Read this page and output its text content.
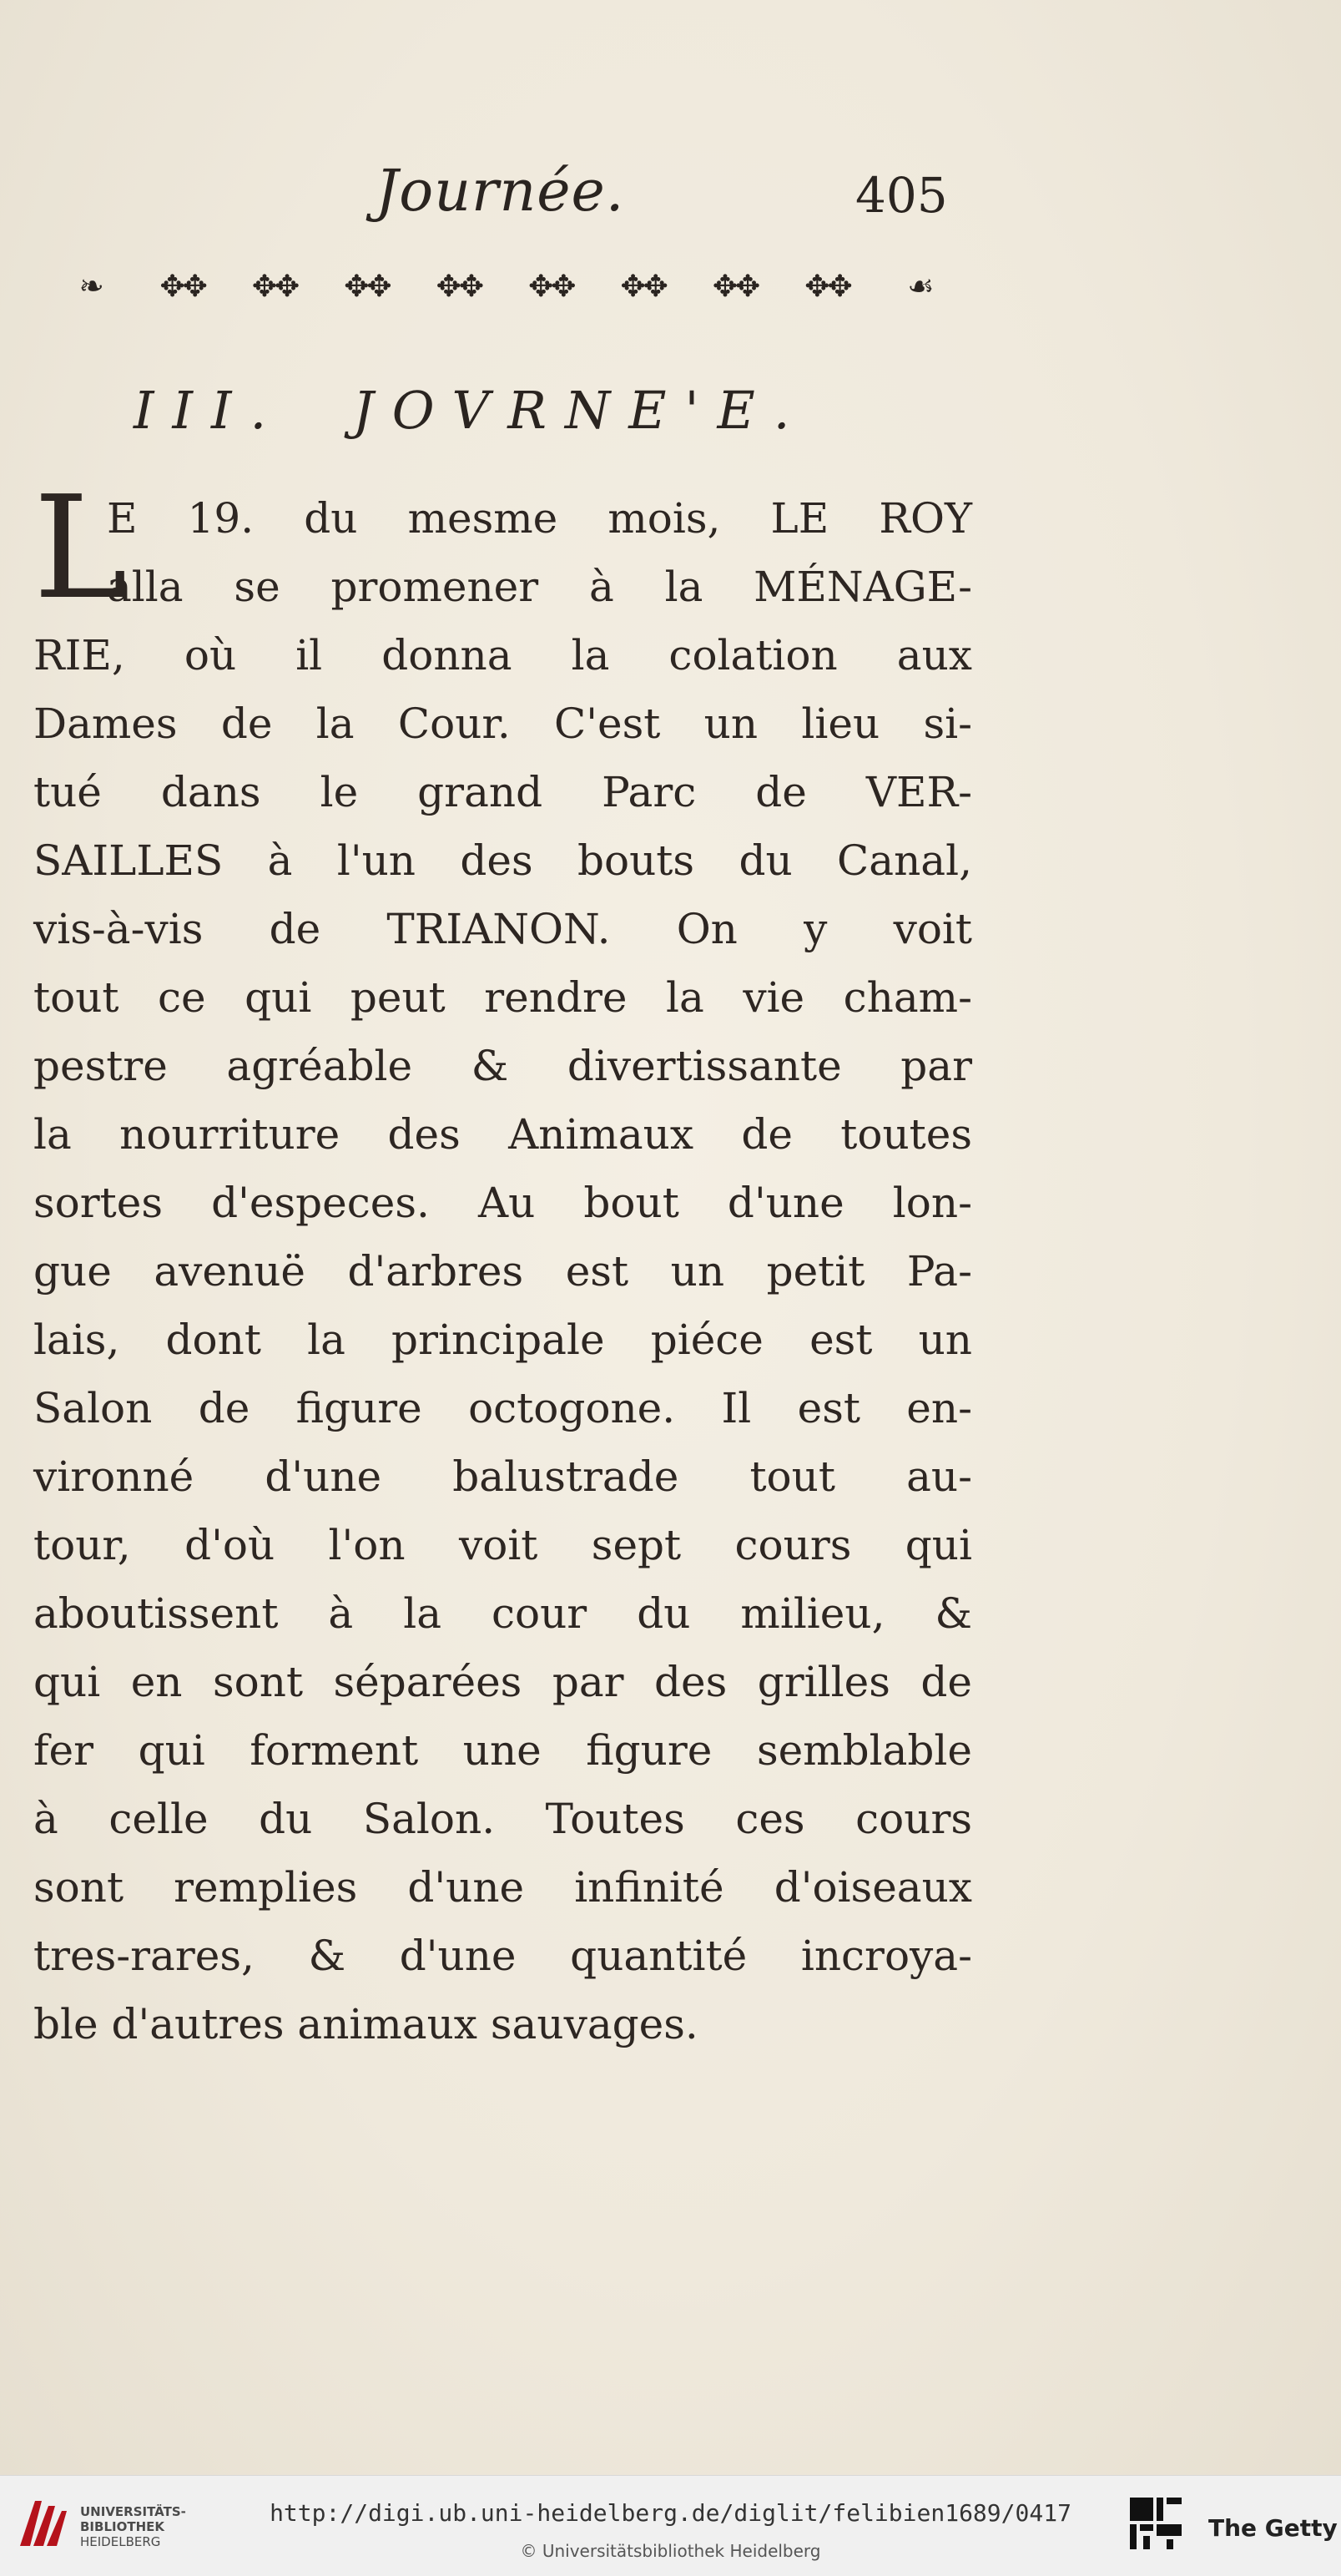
Journée.	405
❧	✥✥	✥✥	✥✥	✥✥	✥✥	✥✥	✥✥	✥✥	☙
III. JOVRNE'E.
L
E 19. du mesme mois, LE ROY
alla se promener à la MÉNAGE-
RIE, où il donna la colation aux
Dames de la Cour. C'est un lieu si-
tué dans le grand Parc de VER-
SAILLES à l'un des bouts du Canal,
vis-à-vis de TRIANON. On y voit
tout ce qui peut rendre la vie cham-
pestre agréable & divertissante par
la nourriture des Animaux de toutes
sortes d'especes. Au bout d'une lon-
gue avenuë d'arbres est un petit Pa-
lais, dont la principale piéce est un
Salon de figure octogone. Il est en-
vironné d'une balustrade tout au-
tour, d'où l'on voit sept cours qui
aboutissent à la cour du milieu, &
qui en sont séparées par des grilles de
fer qui forment une figure semblable
à celle du Salon. Toutes ces cours
sont remplies d'une infinité d'oiseaux
tres-rares, & d'une quantité incroya-
ble d'autres animaux sauvages.
UNIVERSITÄTS-
BIBLIOTHEK
HEIDELBERG
http://digi.ub.uni-heidelberg.de/diglit/felibien1689/0417
© Universitätsbibliothek Heidelberg
The Getty
